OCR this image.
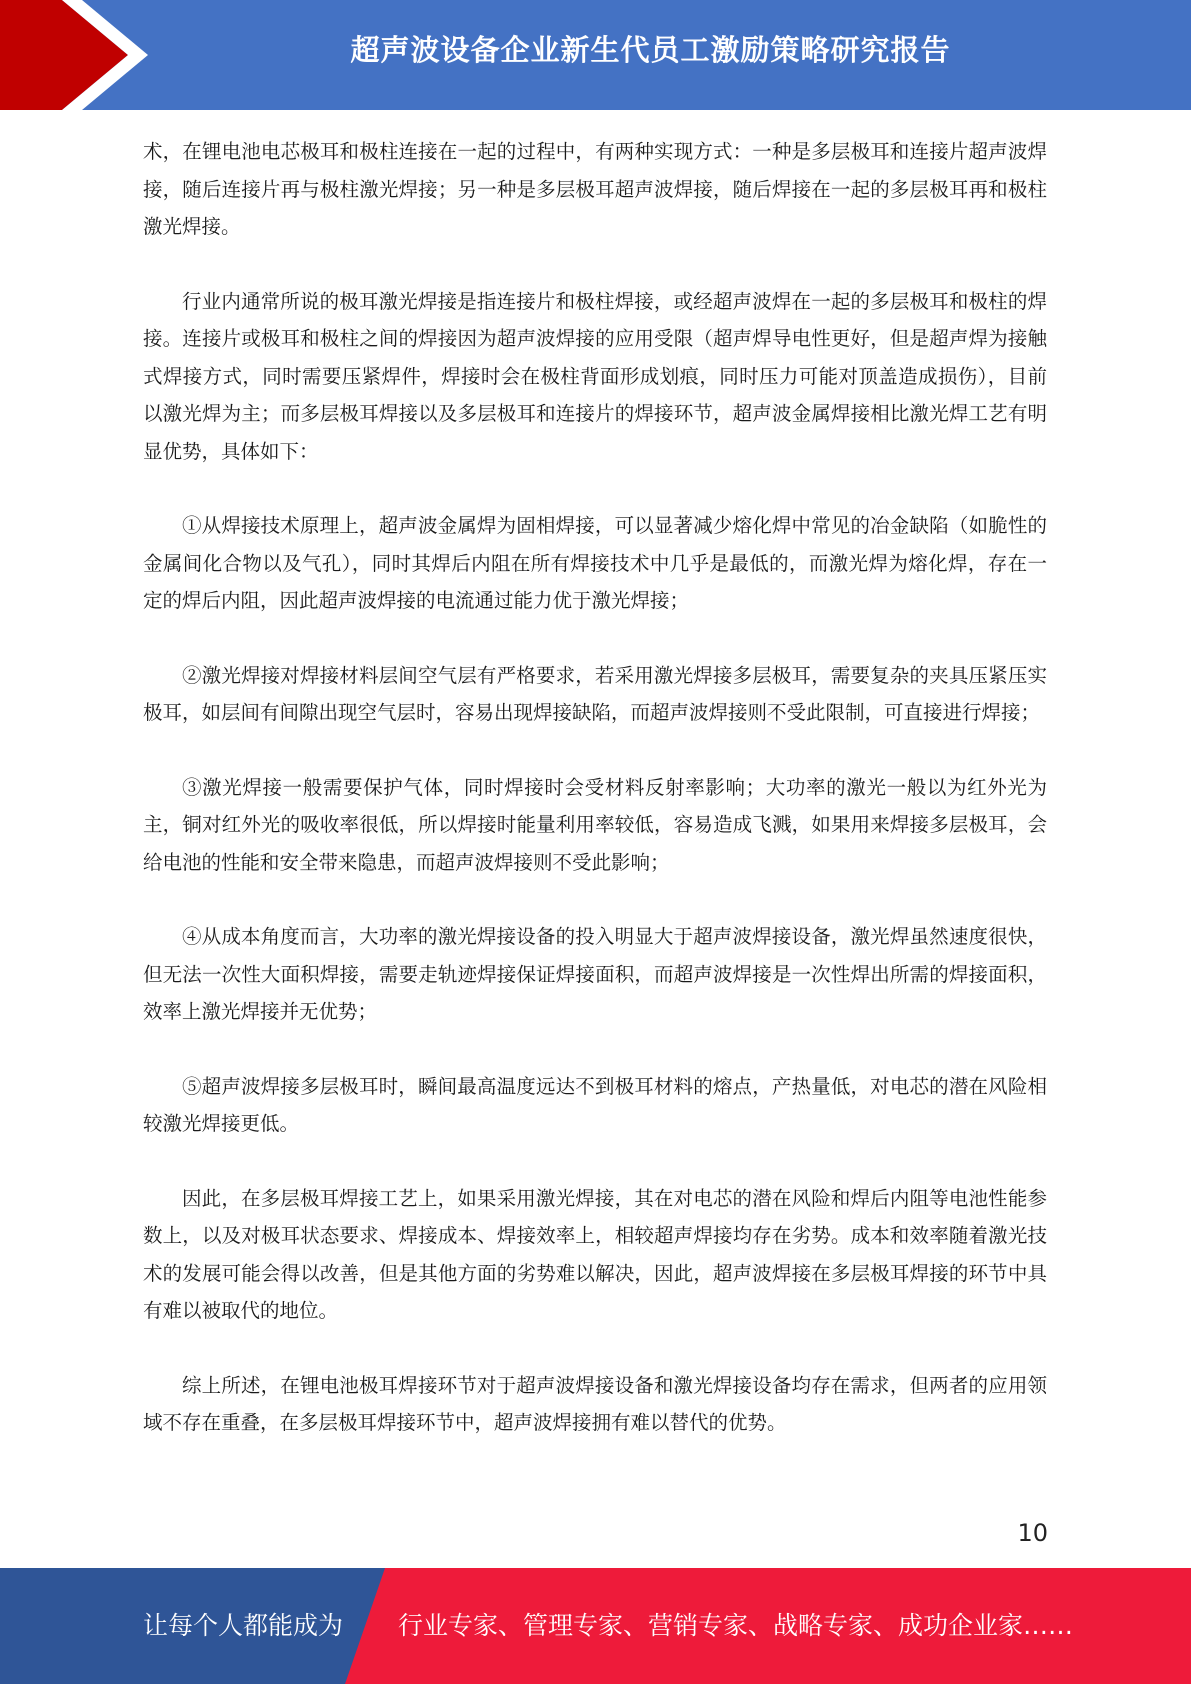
超声波设备企业新生代员工激励策略研究报告

术，在锂电池电芯极耳和极柱连接在一起的过程中，有两种实现方式：一种是多层极耳和连接片超声波焊接，随后连接片再与极柱激光焊接；另一种是多层极耳超声波焊接，随后焊接在一起的多层极耳再和极柱激光焊接。

行业内通常所说的极耳激光焊接是指连接片和极柱焊接，或经超声波焊在一起的多层极耳和极柱的焊接。连接片或极耳和极柱之间的焊接因为超声波焊接的应用受限（超声焊导电性更好，但是超声焊为接触式焊接方式，同时需要压紧焊件，焊接时会在极柱背面形成划痕，同时压力可能对顶盖造成损伤），目前以激光焊为主；而多层极耳焊接以及多层极耳和连接片的焊接环节，超声波金属焊接相比激光焊工艺有明显优势，具体如下：

①从焊接技术原理上，超声波金属焊为固相焊接，可以显著减少熔化焊中常见的冶金缺陷（如脆性的金属间化合物以及气孔），同时其焊后内阻在所有焊接技术中几乎是最低的，而激光焊为熔化焊，存在一定的焊后内阻，因此超声波焊接的电流通过能力优于激光焊接；

②激光焊接对焊接材料层间空气层有严格要求，若采用激光焊接多层极耳，需要复杂的夹具压紧压实极耳，如层间有间隙出现空气层时，容易出现焊接缺陷，而超声波焊接则不受此限制，可直接进行焊接；

③激光焊接一般需要保护气体，同时焊接时会受材料反射率影响；大功率的激光一般以为红外光为主，铜对红外光的吸收率很低，所以焊接时能量利用率较低，容易造成飞溅，如果用来焊接多层极耳，会给电池的性能和安全带来隐患，而超声波焊接则不受此影响；

④从成本角度而言，大功率的激光焊接设备的投入明显大于超声波焊接设备，激光焊虽然速度很快，但无法一次性大面积焊接，需要走轨迹焊接保证焊接面积，而超声波焊接是一次性焊出所需的焊接面积，效率上激光焊接并无优势；

⑤超声波焊接多层极耳时，瞬间最高温度远达不到极耳材料的熔点，产热量低，对电芯的潜在风险相较激光焊接更低。

因此，在多层极耳焊接工艺上，如果采用激光焊接，其在对电芯的潜在风险和焊后内阻等电池性能参数上，以及对极耳状态要求、焊接成本、焊接效率上，相较超声焊接均存在劣势。成本和效率随着激光技术的发展可能会得以改善，但是其他方面的劣势难以解决，因此，超声波焊接在多层极耳焊接的环节中具有难以被取代的地位。

综上所述，在锂电池极耳焊接环节对于超声波焊接设备和激光焊接设备均存在需求，但两者的应用领域不存在重叠，在多层极耳焊接环节中，超声波焊接拥有难以替代的优势。

10
让每个人都能成为 行业专家、管理专家、营销专家、战略专家、成功企业家……
